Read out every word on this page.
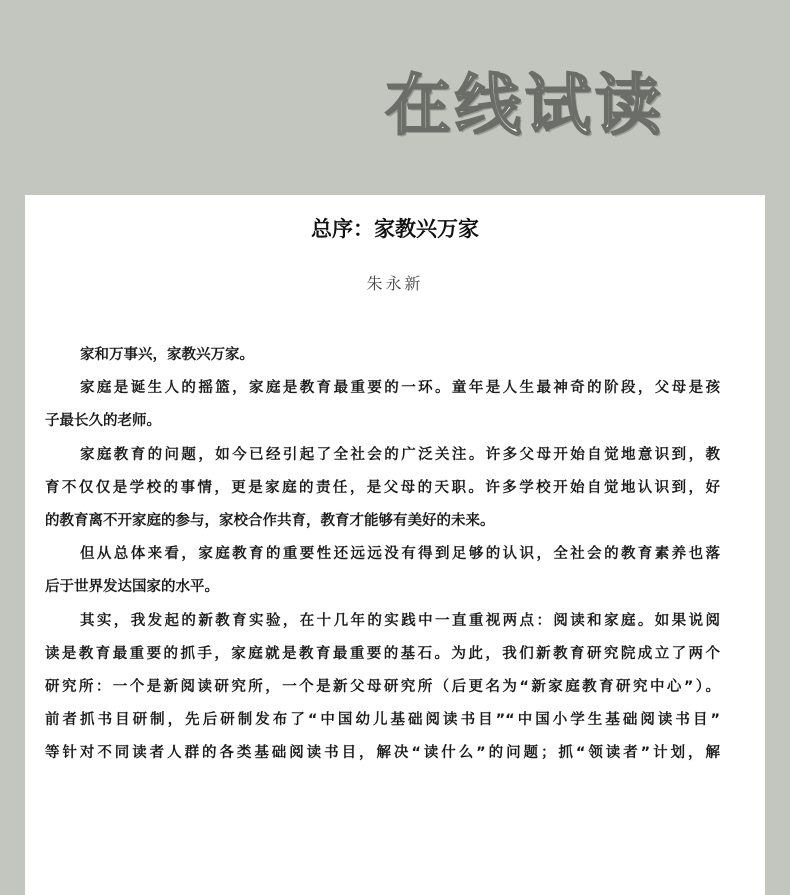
在线试读
总序：家教兴万家
朱永新
家和万事兴，家教兴万家。
家庭是诞生人的摇篮，家庭是教育最重要的一环。童年是人生最神奇的阶段，父母是孩
子最长久的老师。
家庭教育的问题，如今已经引起了全社会的广泛关注。许多父母开始自觉地意识到，教
育不仅仅是学校的事情，更是家庭的责任，是父母的天职。许多学校开始自觉地认识到，好
的教育离不开家庭的参与，家校合作共育，教育才能够有美好的未来。
但从总体来看，家庭教育的重要性还远远没有得到足够的认识，全社会的教育素养也落
后于世界发达国家的水平。
其实，我发起的新教育实验，在十几年的实践中一直重视两点：阅读和家庭。如果说阅
读是教育最重要的抓手，家庭就是教育最重要的基石。为此，我们新教育研究院成立了两个
研究所：一个是新阅读研究所，一个是新父母研究所（后更名为“新家庭教育研究中心”）。
前者抓书目研制，先后研制发布了“中国幼儿基础阅读书目”“中国小学生基础阅读书目”
等针对不同读者人群的各类基础阅读书目，解决“读什么”的问题；抓“领读者”计划，解
